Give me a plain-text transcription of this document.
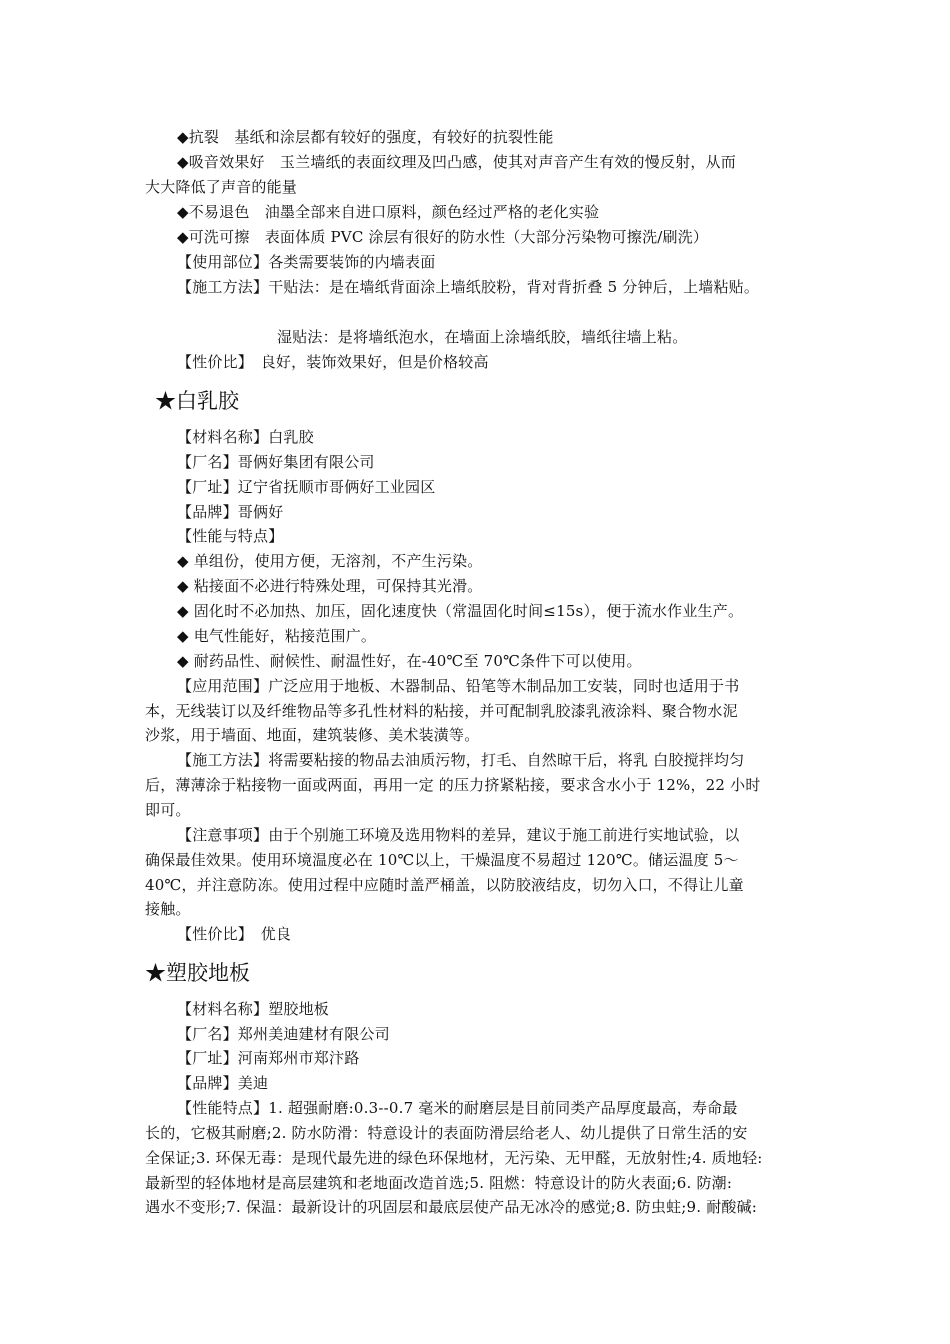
◆抗裂　基纸和涂层都有较好的强度，有较好的抗裂性能
◆吸音效果好　玉兰墙纸的表面纹理及凹凸感，使其对声音产生有效的慢反射，从而
大大降低了声音的能量
◆不易退色　油墨全部来自进口原料，颜色经过严格的老化实验
◆可洗可擦　表面体质 PVC 涂层有很好的防水性（大部分污染物可擦洗/刷洗）
【使用部位】各类需要装饰的内墙表面
【施工方法】干贴法：是在墙纸背面涂上墙纸胶粉，背对背折叠 5 分钟后，上墙粘贴。
湿贴法：是将墙纸泡水，在墙面上涂墙纸胶，墙纸往墙上粘。
【性价比】　良好，装饰效果好，但是价格较高
★白乳胶
【材料名称】白乳胶
【厂名】哥俩好集团有限公司
【厂址】辽宁省抚顺市哥俩好工业园区
【品牌】哥俩好
【性能与特点】
◆ 单组份，使用方便，无溶剂，不产生污染。
◆ 粘接面不必进行特殊处理，可保持其光滑。
◆ 固化时不必加热、加压，固化速度快（常温固化时间≤15s），便于流水作业生产。
◆ 电气性能好，粘接范围广。
◆ 耐药品性、耐候性、耐温性好，在-40℃至 70℃条件下可以使用。
【应用范围】广泛应用于地板、木器制品、铅笔等木制品加工安装，同时也适用于书
本，无线装订以及纤维物品等多孔性材料的粘接，并可配制乳胶漆乳液涂料、聚合物水泥
沙浆，用于墙面、地面，建筑装修、美术装潢等。
【施工方法】将需要粘接的物品去油质污物，打毛、自然晾干后，将乳 白胶搅拌均匀
后，薄薄涂于粘接物一面或两面，再用一定 的压力挤紧粘接，要求含水小于 12%，22 小时
即可。
【注意事项】由于个别施工环境及选用物料的差异，建议于施工前进行实地试验，以
确保最佳效果。使用环境温度必在 10℃以上，干燥温度不易超过 120℃。储运温度 5～
40℃，并注意防冻。使用过程中应随时盖严桶盖，以防胶液结皮，切勿入口，不得让儿童
接触。
【性价比】　优良
★塑胶地板
【材料名称】塑胶地板
【厂名】郑州美迪建材有限公司
【厂址】河南郑州市郑汴路
【品牌】美迪
【性能特点】1. 超强耐磨:0.3--0.7 毫米的耐磨层是目前同类产品厚度最高，寿命最
长的，它极其耐磨;2. 防水防滑：特意设计的表面防滑层给老人、幼儿提供了日常生活的安
全保证;3. 环保无毒：是现代最先进的绿色环保地材，无污染、无甲醛，无放射性;4. 质地轻:
最新型的轻体地材是高层建筑和老地面改造首选;5. 阻燃：特意设计的防火表面;6. 防潮:
遇水不变形;7. 保温：最新设计的巩固层和最底层使产品无冰冷的感觉;8. 防虫蛀;9. 耐酸碱:
